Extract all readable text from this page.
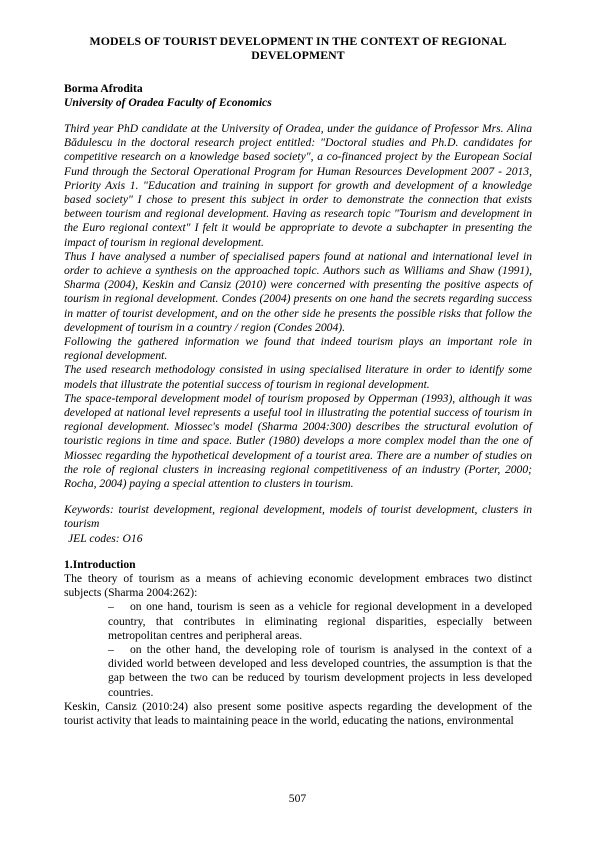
MODELS OF TOURIST DEVELOPMENT IN THE CONTEXT OF REGIONAL DEVELOPMENT

Borma Afrodita

University of Oradea Faculty of Economics

Third year PhD candidate at the University of Oradea, under the guidance of Professor Mrs. Alina Bădulescu in the doctoral research project entitled: "Doctoral studies and Ph.D. candidates for competitive research on a knowledge based society", a co-financed project by the European Social Fund through the Sectoral Operational Program for Human Resources Development 2007 - 2013, Priority Axis 1. "Education and training in support for growth and development of a knowledge based society" I chose to present this subject in order to demonstrate the connection that exists between tourism and regional development. Having as research topic "Tourism and development in the Euro regional context" I felt it would be appropriate to devote a subchapter in presenting the impact of tourism in regional development.

Thus I have analysed a number of specialised papers found at national and international level in order to achieve a synthesis on the approached topic. Authors such as Williams and Shaw (1991), Sharma (2004), Keskin and Cansiz (2010) were concerned with presenting the positive aspects of tourism in regional development. Condes (2004) presents on one hand the secrets regarding success in matter of tourist development, and on the other side he presents the possible risks that follow the development of tourism in a country / region (Condes 2004).

Following the gathered information we found that indeed tourism plays an important role in regional development.

The used research methodology consisted in using specialised literature in order to identify some models that illustrate the potential success of tourism in regional development.

The space-temporal development model of tourism proposed by Opperman (1993), although it was developed at national level represents a useful tool in illustrating the potential success of tourism in regional development. Miossec's model (Sharma 2004:300) describes the structural evolution of touristic regions in time and space. Butler (1980) develops a more complex model than the one of Miossec regarding the hypothetical development of a tourist area. There are a number of studies on the role of regional clusters in increasing regional competitiveness of an industry (Porter, 2000; Rocha, 2004) paying a special attention to clusters in tourism.

Keywords: tourist development, regional development, models of tourist development, clusters in tourism

JEL codes: O16

1.Introduction

The theory of tourism as a means of achieving economic development embraces two distinct subjects (Sharma 2004:262):

– on one hand, tourism is seen as a vehicle for regional development in a developed country, that contributes in eliminating regional disparities, especially between metropolitan centres and peripheral areas.
– on the other hand, the developing role of tourism is analysed in the context of a divided world between developed and less developed countries, the assumption is that the gap between the two can be reduced by tourism development projects in less developed countries.

Keskin, Cansiz (2010:24) also present some positive aspects regarding the development of the tourist activity that leads to maintaining peace in the world, educating the nations, environmental

507
